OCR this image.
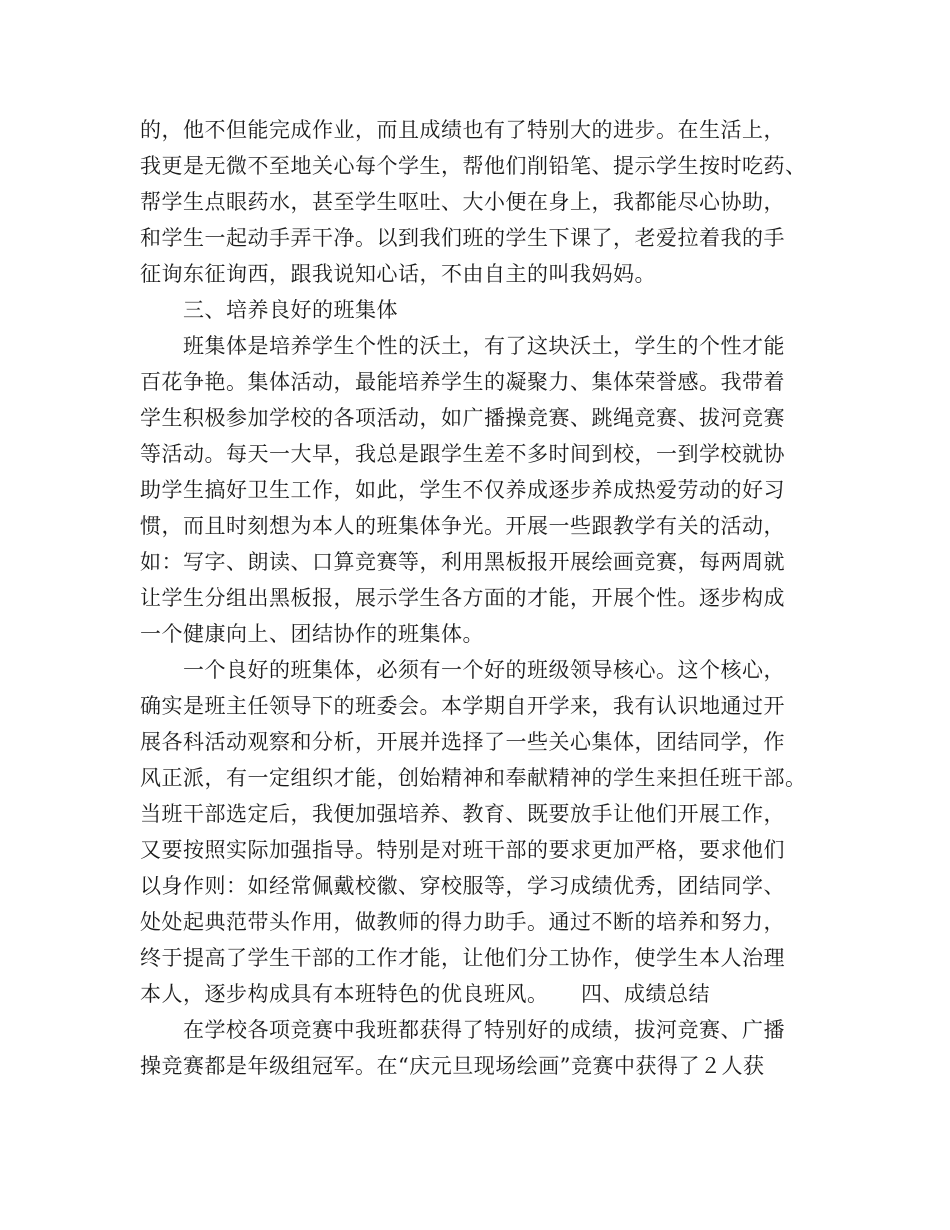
的，他不但能完成作业，而且成绩也有了特别大的进步。在生活上，
我更是无微不至地关心每个学生，帮他们削铅笔、提示学生按时吃药、
帮学生点眼药水，甚至学生呕吐、大小便在身上，我都能尽心协助，
和学生一起动手弄干净。以到我们班的学生下课了，老爱拉着我的手
征询东征询西，跟我说知心话，不由自主的叫我妈妈。
三、培养良好的班集体
班集体是培养学生个性的沃土，有了这块沃土，学生的个性才能
百花争艳。集体活动，最能培养学生的凝聚力、集体荣誉感。我带着
学生积极参加学校的各项活动，如广播操竞赛、跳绳竞赛、拔河竞赛
等活动。每天一大早，我总是跟学生差不多时间到校，一到学校就协
助学生搞好卫生工作，如此，学生不仅养成逐步养成热爱劳动的好习
惯，而且时刻想为本人的班集体争光。开展一些跟教学有关的活动，
如：写字、朗读、口算竞赛等，利用黑板报开展绘画竞赛，每两周就
让学生分组出黑板报，展示学生各方面的才能，开展个性。逐步构成
一个健康向上、团结协作的班集体。
一个良好的班集体，必须有一个好的班级领导核心。这个核心，
确实是班主任领导下的班委会。本学期自开学来，我有认识地通过开
展各科活动观察和分析，开展并选择了一些关心集体，团结同学，作
风正派，有一定组织才能，创始精神和奉献精神的学生来担任班干部。
当班干部选定后，我便加强培养、教育、既要放手让他们开展工作，
又要按照实际加强指导。特别是对班干部的要求更加严格，要求他们
以身作则：如经常佩戴校徽、穿校服等，学习成绩优秀，团结同学、
处处起典范带头作用，做教师的得力助手。通过不断的培养和努力，
终于提高了学生干部的工作才能，让他们分工协作，使学生本人治理
本人，逐步构成具有本班特色的优良班风。　　四、成绩总结
在学校各项竞赛中我班都获得了特别好的成绩，拔河竞赛、广播
操竞赛都是年级组冠军。在“庆元旦现场绘画”竞赛中获得了２人获
